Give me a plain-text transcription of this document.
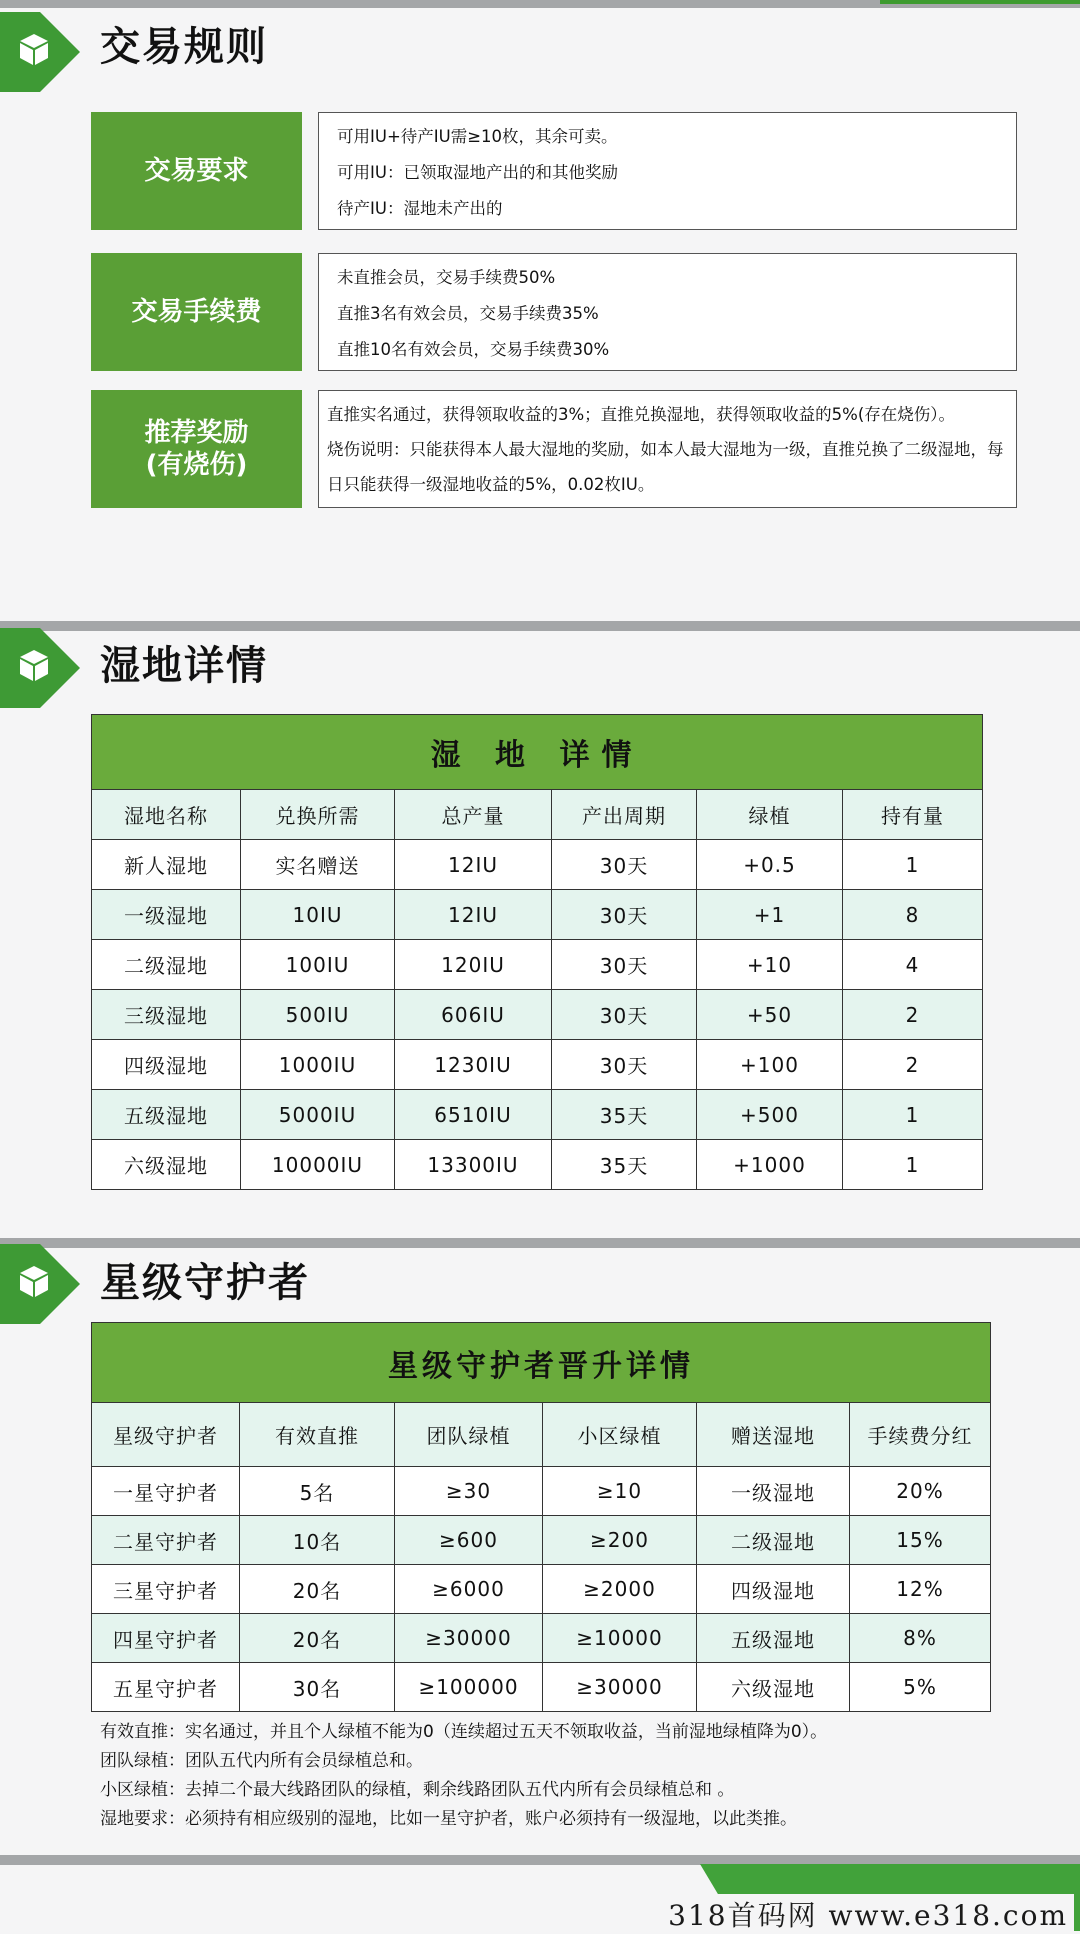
交易规则
交易要求
可用IU+待产IU需≥10枚，其余可卖。
可用IU：已领取湿地产出的和其他奖励
待产IU：湿地未产出的
交易手续费
未直推会员，交易手续费50%
直推3名有效会员，交易手续费35%
直推10名有效会员，交易手续费30%
推荐奖励
(有烧伤)
直推实名通过，获得领取收益的3%；直推兑换湿地，获得领取收益的5%(存在烧伤）。
烧伤说明：只能获得本人最大湿地的奖励，如本人最大湿地为一级，直推兑换了二级湿地，每日只能获得一级湿地收益的5%，0.02枚IU。
湿地详情
湿 地 详情					
湿地名称	兑换所需	总产量	产出周期	绿植	持有量
新人湿地	实名赠送	12IU	30天	+0.5	1
一级湿地	10IU	12IU	30天	+1	8
二级湿地	100IU	120IU	30天	+10	4
三级湿地	500IU	606IU	30天	+50	2
四级湿地	1000IU	1230IU	30天	+100	2
五级湿地	5000IU	6510IU	35天	+500	1
六级湿地	10000IU	13300IU	35天	+1000	1
星级守护者
星级守护者晋升详情					
星级守护者	有效直推	团队绿植	小区绿植	赠送湿地	手续费分红
一星守护者	5名	≥30	≥10	一级湿地	20%
二星守护者	10名	≥600	≥200	二级湿地	15%
三星守护者	20名	≥6000	≥2000	四级湿地	12%
四星守护者	20名	≥30000	≥10000	五级湿地	8%
五星守护者	30名	≥100000	≥30000	六级湿地	5%
有效直推：实名通过，并且个人绿植不能为0（连续超过五天不领取收益，当前湿地绿植降为0）。
团队绿植：团队五代内所有会员绿植总和。
小区绿植：去掉二个最大线路团队的绿植，剩余线路团队五代内所有会员绿植总和 。
湿地要求：必须持有相应级别的湿地，比如一星守护者，账户必须持有一级湿地，以此类推。
318首码网 www.e318.com
